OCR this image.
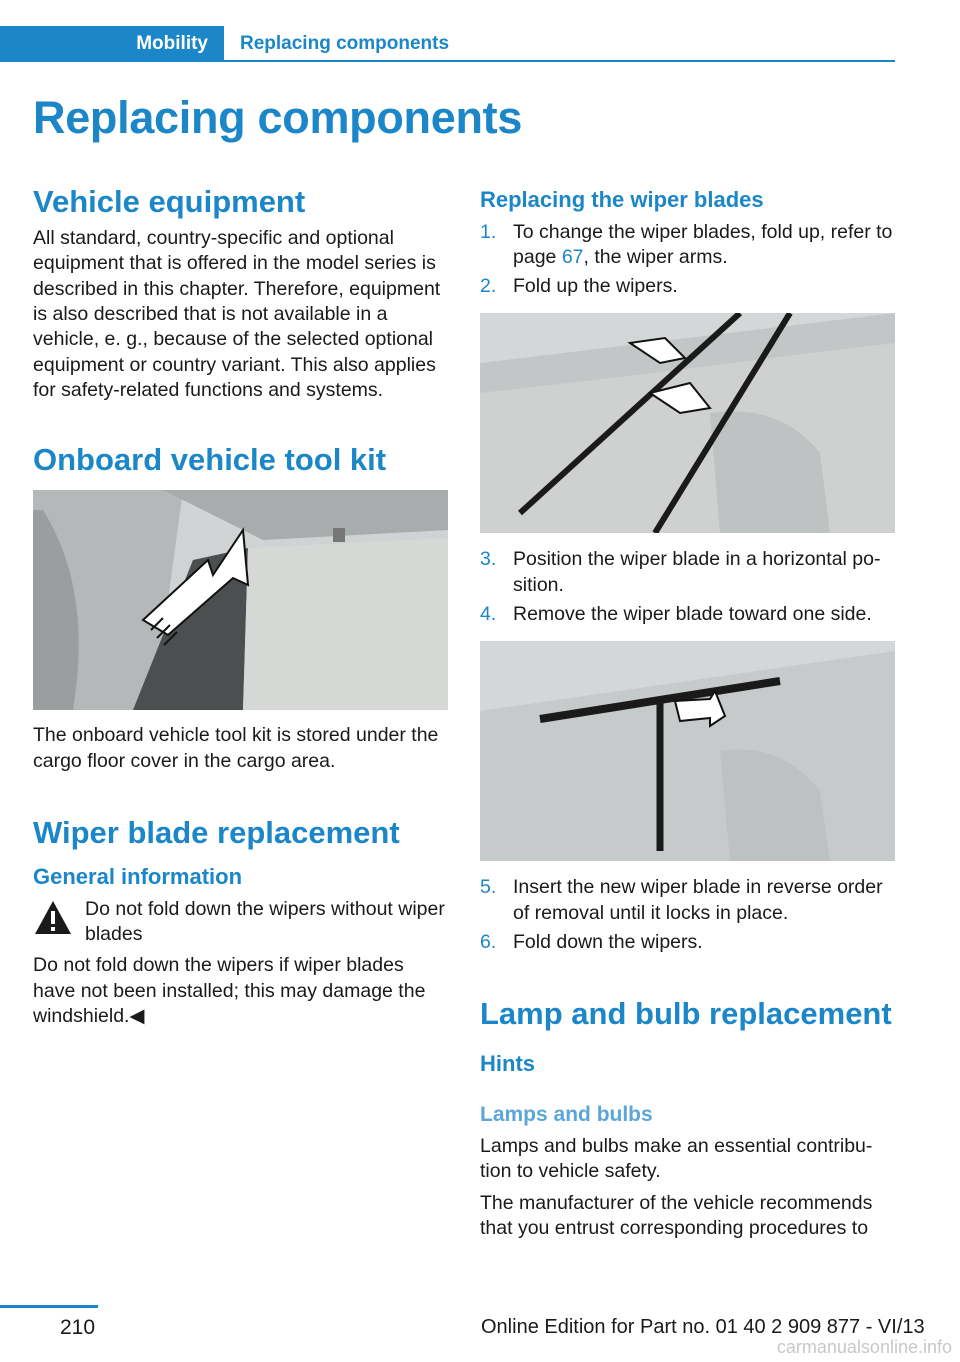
Mobility Replacing components
Replacing components
Vehicle equipment

All standard, country-specific and optional equipment that is offered in the model series is described in this chapter. Therefore, equipment is also described that is not available in a vehicle, e. g., because of the selected optional equipment or country variant. This also applies for safety-related functions and systems.

Onboard vehicle tool kit

The onboard vehicle tool kit is stored under the cargo floor cover in the cargo area.

Wiper blade replacement
General information
Do not fold down the wipers without wiper blades

Do not fold down the wipers if wiper blades have not been installed; this may damage the windshield.◀

Replacing the wiper blades
1. To change the wiper blades, fold up, refer to page 67, the wiper arms.
2. Fold up the wipers.
3. Position the wiper blade in a horizontal position.
4. Remove the wiper blade toward one side.
5. Insert the new wiper blade in reverse order of removal until it locks in place.
6. Fold down the wipers.
Lamp and bulb replacement
Hints
Lamps and bulbs

Lamps and bulbs make an essential contribution to vehicle safety.

The manufacturer of the vehicle recommends that you entrust corresponding procedures to

210	Online Edition for Part no. 01 40 2 909 877 - VI/13
carmanualsonline.info
